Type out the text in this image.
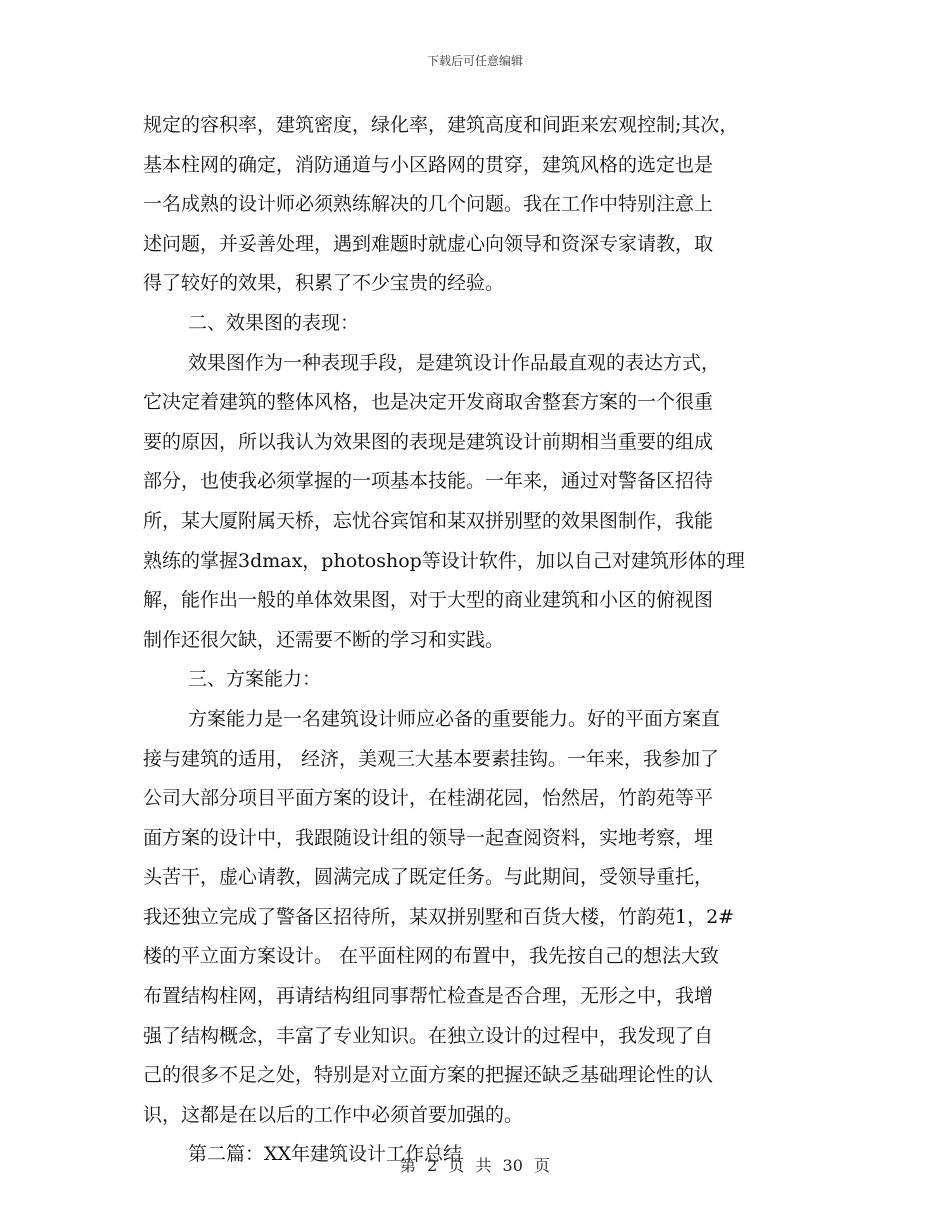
下载后可任意编辑
规定的容积率，建筑密度，绿化率，建筑高度和间距来宏观控制;其次，
基本柱网的确定，消防通道与小区路网的贯穿，建筑风格的选定也是
一名成熟的设计师必须熟练解决的几个问题。我在工作中特别注意上
述问题，并妥善处理，遇到难题时就虚心向领导和资深专家请教，取
得了较好的效果，积累了不少宝贵的经验。
二、效果图的表现：
效果图作为一种表现手段，是建筑设计作品最直观的表达方式，
它决定着建筑的整体风格，也是决定开发商取舍整套方案的一个很重
要的原因，所以我认为效果图的表现是建筑设计前期相当重要的组成
部分，也使我必须掌握的一项基本技能。一年来，通过对警备区招待
所，某大厦附属天桥，忘忧谷宾馆和某双拼别墅的效果图制作，我能
熟练的掌握3dmax，photoshop等设计软件，加以自己对建筑形体的理
解，能作出一般的单体效果图，对于大型的商业建筑和小区的俯视图
制作还很欠缺，还需要不断的学习和实践。
三、方案能力：
方案能力是一名建筑设计师应必备的重要能力。好的平面方案直
接与建筑的适用， 经济，美观三大基本要素挂钩。一年来，我参加了
公司大部分项目平面方案的设计，在桂湖花园，怡然居，竹韵苑等平
面方案的设计中，我跟随设计组的领导一起查阅资料，实地考察，埋
头苦干，虚心请教，圆满完成了既定任务。与此期间，受领导重托，
我还独立完成了警备区招待所，某双拼别墅和百货大楼，竹韵苑1，2#
楼的平立面方案设计。 在平面柱网的布置中，我先按自己的想法大致
布置结构柱网，再请结构组同事帮忙检查是否合理，无形之中，我增
强了结构概念，丰富了专业知识。在独立设计的过程中，我发现了自
己的很多不足之处，特别是对立面方案的把握还缺乏基础理论性的认
识，这都是在以后的工作中必须首要加强的。
第二篇：XX年建筑设计工作总结
第 2 页 共 30 页
